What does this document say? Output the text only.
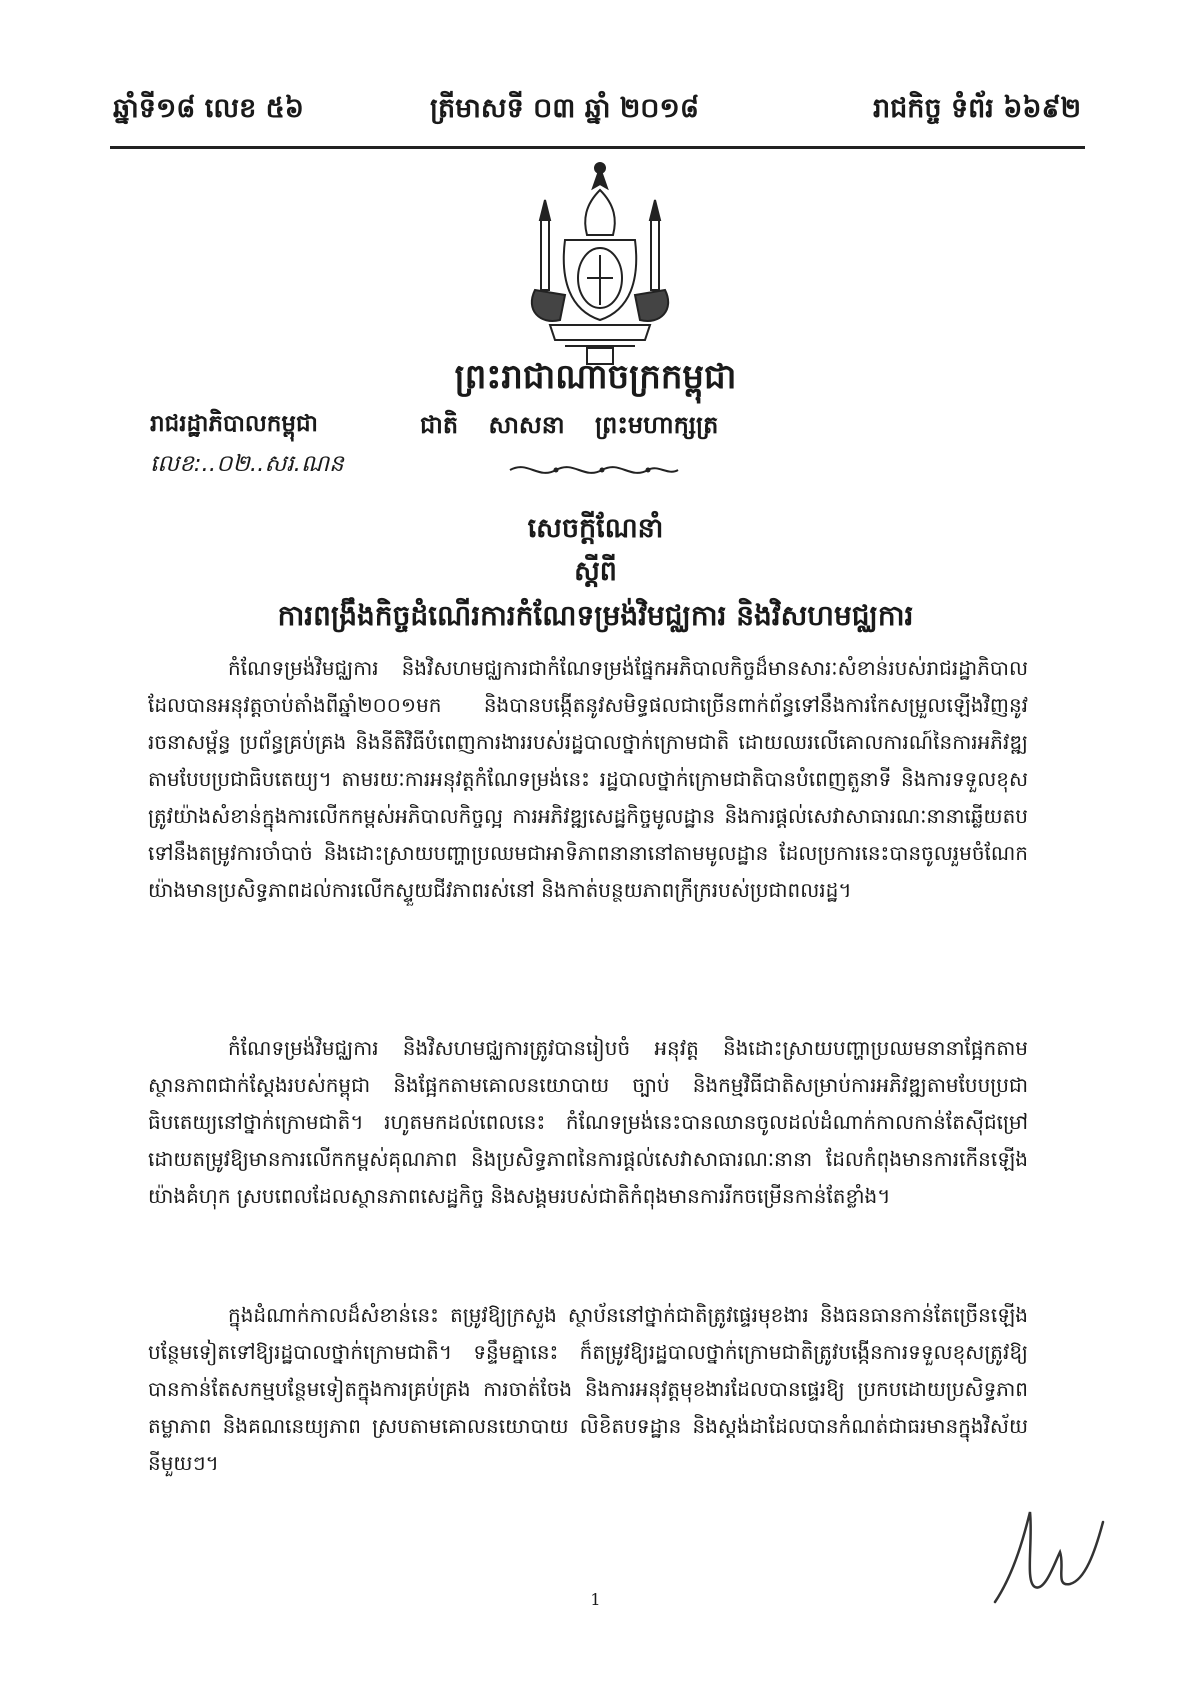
ឆ្នាំទី១៨ លេខ ៥៦	ត្រីមាសទី ០៣ ឆ្នាំ ២០១៨	រាជកិច្ច ទំព័រ ៦៦៩២
ព្រះរាជាណាចក្រកម្ពុជា
រាជរដ្ឋាភិបាលកម្ពុជា	ជាតិ សាសនា ព្រះមហាក្សត្រ
លេខ:..០២..សរ.ណន
សេចក្តីណែនាំ
ស្តីពី
ការពង្រឹងកិច្ចដំណើរការកំណែទម្រង់វិមជ្ឈការ និងវិសហមជ្ឈការ

កំណែទម្រង់វិមជ្ឈការ និងវិសហមជ្ឈការជាកំណែទម្រង់ផ្នែកអភិបាលកិច្ចដ៏មានសារៈសំខាន់របស់រាជរដ្ឋាភិបាល ដែលបានអនុវត្តចាប់តាំងពីឆ្នាំ២០០១មក និងបានបង្កើតនូវសមិទ្ធផលជាច្រើនពាក់ព័ន្ធទៅនឹងការកែសម្រួលឡើងវិញនូវរចនាសម្ព័ន្ធ ប្រព័ន្ធគ្រប់គ្រង និងនីតិវិធីបំពេញការងាររបស់រដ្ឋបាលថ្នាក់ក្រោមជាតិ ដោយឈរលើគោលការណ៍នៃការអភិវឌ្ឍតាមបែបប្រជាធិបតេយ្យ។ តាមរយៈការអនុវត្តកំណែទម្រង់នេះ រដ្ឋបាលថ្នាក់ក្រោមជាតិបានបំពេញតួនាទី និងការទទួលខុសត្រូវយ៉ាងសំខាន់ក្នុងការលើកកម្ពស់អភិបាលកិច្ចល្អ ការអភិវឌ្ឍសេដ្ឋកិច្ចមូលដ្ឋាន និងការផ្តល់សេវាសាធារណៈនានាឆ្លើយតបទៅនឹងតម្រូវការចាំបាច់ និងដោះស្រាយបញ្ហាប្រឈមជាអាទិភាពនានានៅតាមមូលដ្ឋាន ដែលប្រការនេះបានចូលរួមចំណែកយ៉ាងមានប្រសិទ្ធភាពដល់ការលើកស្ទួយជីវភាពរស់នៅ និងកាត់បន្ថយភាពក្រីក្ររបស់ប្រជាពលរដ្ឋ។

កំណែទម្រង់វិមជ្ឈការ និងវិសហមជ្ឈការត្រូវបានរៀបចំ អនុវត្ត និងដោះស្រាយបញ្ហាប្រឈមនានាផ្អែកតាមស្ថានភាពជាក់ស្តែងរបស់កម្ពុជា និងផ្អែកតាមគោលនយោបាយ ច្បាប់ និងកម្មវិធីជាតិសម្រាប់ការអភិវឌ្ឍតាមបែបប្រជាធិបតេយ្យនៅថ្នាក់ក្រោមជាតិ។ រហូតមកដល់ពេលនេះ កំណែទម្រង់នេះបានឈានចូលដល់ដំណាក់កាលកាន់តែស៊ីជម្រៅ ដោយតម្រូវឱ្យមានការលើកកម្ពស់គុណភាព និងប្រសិទ្ធភាពនៃការផ្តល់សេវាសាធារណៈនានា ដែលកំពុងមានការកើនឡើងយ៉ាងគំហុក ស្របពេលដែលស្ថានភាពសេដ្ឋកិច្ច និងសង្គមរបស់ជាតិកំពុងមានការរីកចម្រើនកាន់តែខ្លាំង។

ក្នុងដំណាក់កាលដ៏សំខាន់នេះ តម្រូវឱ្យក្រសួង ស្ថាប័ននៅថ្នាក់ជាតិត្រូវផ្ទេរមុខងារ និងធនធានកាន់តែច្រើនឡើងបន្ថែមទៀតទៅឱ្យរដ្ឋបាលថ្នាក់ក្រោមជាតិ។ ទន្ទឹមគ្នានេះ ក៏តម្រូវឱ្យរដ្ឋបាលថ្នាក់ក្រោមជាតិត្រូវបង្កើនការទទួលខុសត្រូវឱ្យបានកាន់តែសកម្មបន្ថែមទៀតក្នុងការគ្រប់គ្រង ការចាត់ចែង និងការអនុវត្តមុខងារដែលបានផ្ទេរឱ្យ ប្រកបដោយប្រសិទ្ធភាព តម្លាភាព និងគណនេយ្យភាព ស្របតាមគោលនយោបាយ លិខិតបទដ្ឋាន និងស្តង់ដាដែលបានកំណត់ជាធរមានក្នុងវិស័យនីមួយៗ។

1
